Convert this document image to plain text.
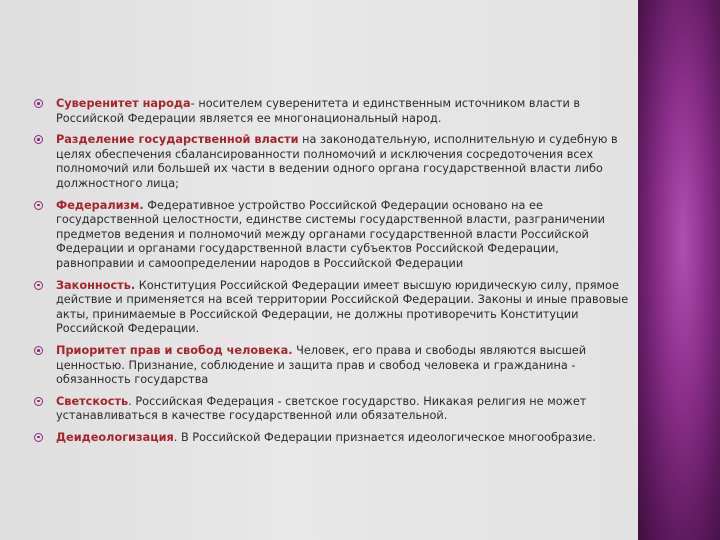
Суверенитет народа- носителем суверенитета и единственным источником власти в Российской Федерации является ее многонациональный народ.
Разделение государственной власти на законодательную, исполнительную и судебную в целях обеспечения сбалансированности полномочий и исключения сосредоточения всех полномочий или большей их части в ведении одного органа государственной власти либо должностного лица;
Федерализм. Федеративное устройство Российской Федерации основано на ее государственной целостности, единстве системы государственной власти, разграничении предметов ведения и полномочий между органами государственной власти Российской Федерации и органами государственной власти субъектов Российской Федерации, равноправии и самоопределении народов в Российской Федерации
Законность. Конституция Российской Федерации имеет высшую юридическую силу, прямое действие и применяется на всей территории Российской Федерации. Законы и иные правовые акты, принимаемые в Российской Федерации, не должны противоречить Конституции Российской Федерации.
Приоритет прав и свобод человека. Человек, его права и свободы являются высшей ценностью. Признание, соблюдение и защита прав и свобод человека и гражданина - обязанность государства
Светскость. Российская Федерация - светское государство. Никакая религия не может устанавливаться в качестве государственной или обязательной.
Деидеологизация. В Российской Федерации признается идеологическое многообразие.
